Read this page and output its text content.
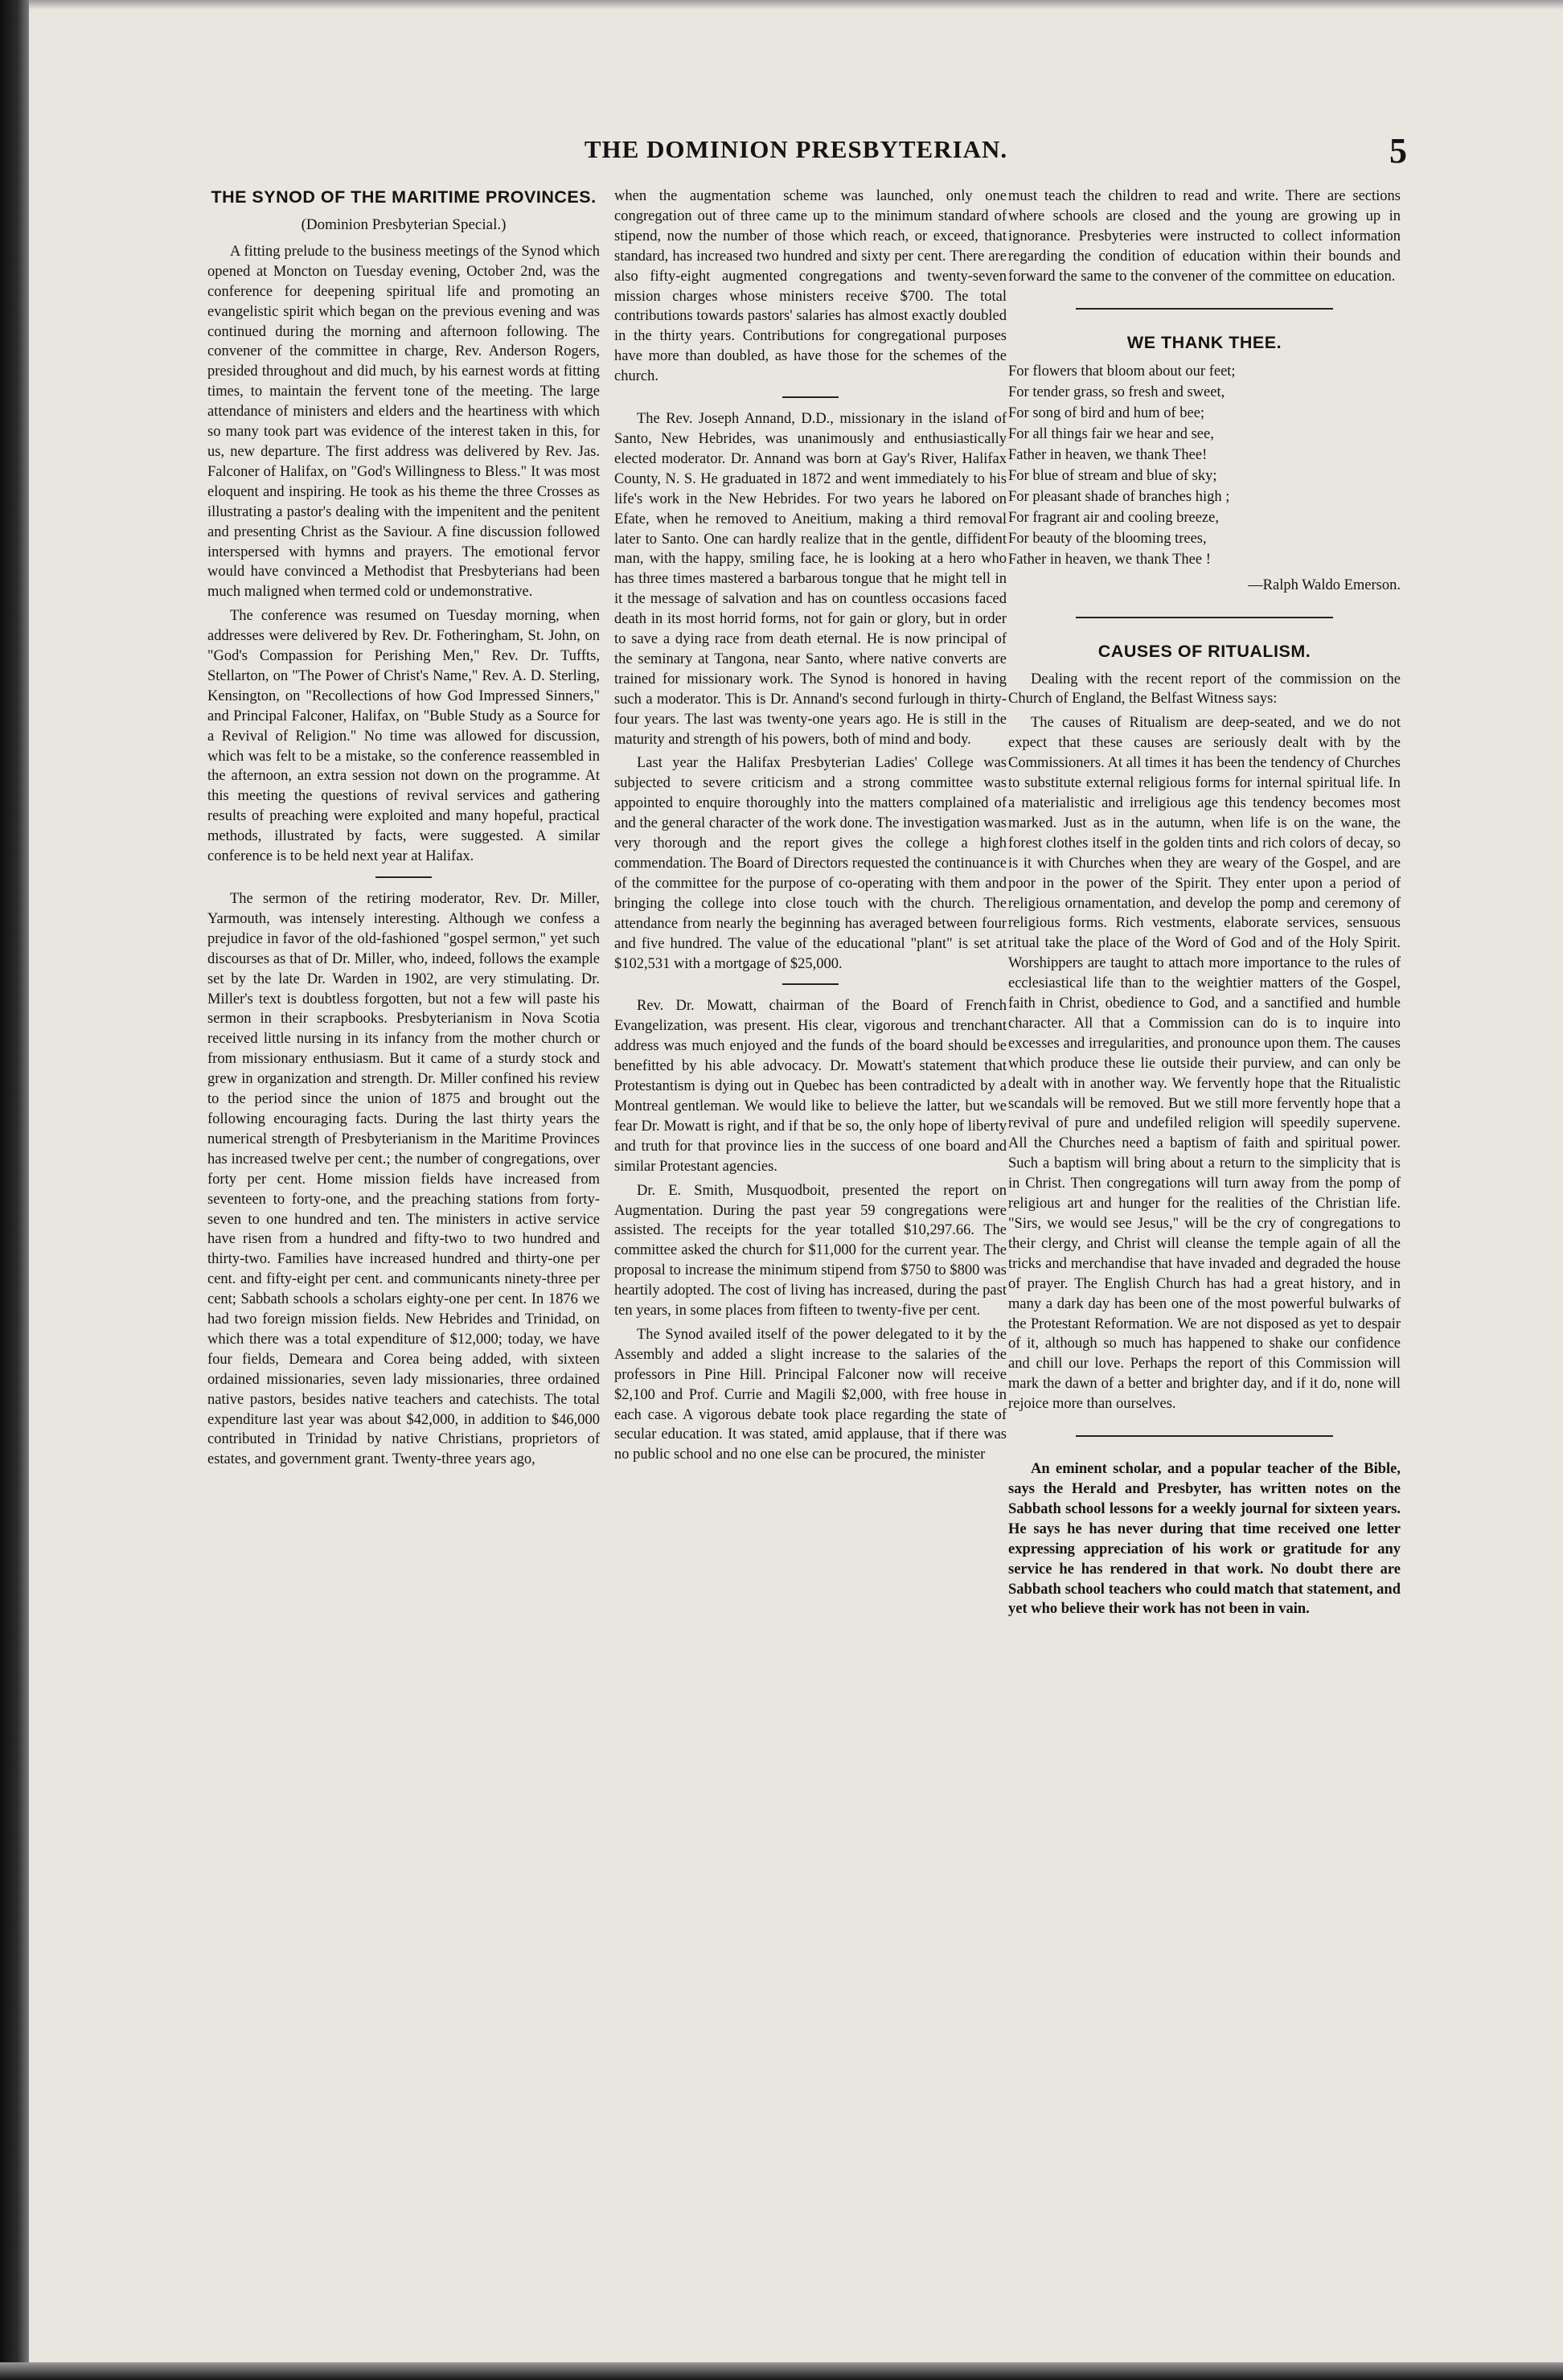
THE DOMINION PRESBYTERIAN.	5
THE SYNOD OF THE MARITIME PROVINCES.
(Dominion Presbyterian Special.)

A fitting prelude to the business meetings of the Synod which opened at Moncton on Tuesday evening, October 2nd, was the conference for deepening spiritual life and promoting an evangelistic spirit which began on the previous evening and was continued during the morning and afternoon following. The convener of the committee in charge, Rev. Anderson Rogers, presided throughout and did much, by his earnest words at fitting times, to maintain the fervent tone of the meeting. The large attendance of ministers and elders and the heartiness with which so many took part was evidence of the interest taken in this, for us, new departure. The first address was delivered by Rev. Jas. Falconer of Halifax, on "God's Willingness to Bless." It was most eloquent and inspiring. He took as his theme the three Crosses as illustrating a pastor's dealing with the impenitent and the penitent and presenting Christ as the Saviour. A fine discussion followed interspersed with hymns and prayers. The emotional fervor would have convinced a Methodist that Presbyterians had been much maligned when termed cold or undemonstrative.

The conference was resumed on Tuesday morning, when addresses were delivered by Rev. Dr. Fotheringham, St. John, on "God's Compassion for Perishing Men," Rev. Dr. Tuffts, Stellarton, on "The Power of Christ's Name," Rev. A. D. Sterling, Kensington, on "Recollections of how God Impressed Sinners," and Principal Falconer, Halifax, on "Buble Study as a Source for a Revival of Religion." No time was allowed for discussion, which was felt to be a mistake, so the conference reassembled in the afternoon, an extra session not down on the programme. At this meeting the questions of revival services and gathering results of preaching were exploited and many hopeful, practical methods, illustrated by facts, were suggested. A similar conference is to be held next year at Halifax.

The sermon of the retiring moderator, Rev. Dr. Miller, Yarmouth, was intensely interesting. Although we confess a prejudice in favor of the old-fashioned "gospel sermon," yet such discourses as that of Dr. Miller, who, indeed, follows the example set by the late Dr. Warden in 1902, are very stimulating. Dr. Miller's text is doubtless forgotten, but not a few will paste his sermon in their scrapbooks. Presbyterianism in Nova Scotia received little nursing in its infancy from the mother church or from missionary enthusiasm. But it came of a sturdy stock and grew in organization and strength. Dr. Miller confined his review to the period since the union of 1875 and brought out the following encouraging facts. During the last thirty years the numerical strength of Presbyterianism in the Maritime Provinces has increased twelve per cent.; the number of congregations, over forty per cent. Home mission fields have increased from seventeen to forty-one, and the preaching stations from forty-seven to one hundred and ten. The ministers in active service have risen from a hundred and fifty-two to two hundred and thirty-two. Families have increased hundred and thirty-one per cent. and fifty-eight per cent. and communicants ninety-three per cent; Sabbath schools a scholars eighty-one per cent. In 1876 we had two foreign mission fields. New Hebrides and Trinidad, on which there was a total expenditure of $12,000; today, we have four fields, Demeara and Corea being added, with sixteen ordained missionaries, seven lady missionaries, three ordained native pastors, besides native teachers and catechists. The total expenditure last year was about $42,000, in addition to $46,000 contributed in Trinidad by native Christians, proprietors of estates, and government grant. Twenty-three years ago,

when the augmentation scheme was launched, only one congregation out of three came up to the minimum standard of stipend, now the number of those which reach, or exceed, that standard, has increased two hundred and sixty per cent. There are also fifty-eight augmented congregations and twenty-seven mission charges whose ministers receive $700. The total contributions towards pastors' salaries has almost exactly doubled in the thirty years. Contributions for congregational purposes have more than doubled, as have those for the schemes of the church.

The Rev. Joseph Annand, D.D., missionary in the island of Santo, New Hebrides, was unanimously and enthusiastically elected moderator. Dr. Annand was born at Gay's River, Halifax County, N. S. He graduated in 1872 and went immediately to his life's work in the New Hebrides. For two years he labored on Efate, when he removed to Aneitium, making a third removal later to Santo. One can hardly realize that in the gentle, diffident man, with the happy, smiling face, he is looking at a hero who has three times mastered a barbarous tongue that he might tell in it the message of salvation and has on countless occasions faced death in its most horrid forms, not for gain or glory, but in order to save a dying race from death eternal. He is now principal of the seminary at Tangona, near Santo, where native converts are trained for missionary work. The Synod is honored in having such a moderator. This is Dr. Annand's second furlough in thirty-four years. The last was twenty-one years ago. He is still in the maturity and strength of his powers, both of mind and body.

Last year the Halifax Presbyterian Ladies' College was subjected to severe criticism and a strong committee was appointed to enquire thoroughly into the matters complained of and the general character of the work done. The investigation was very thorough and the report gives the college a high commendation. The Board of Directors requested the continuance of the committee for the purpose of co-operating with them and bringing the college into close touch with the church. The attendance from nearly the beginning has averaged between four and five hundred. The value of the educational "plant" is set at $102,531 with a mortgage of $25,000.

Rev. Dr. Mowatt, chairman of the Board of French Evangelization, was present. His clear, vigorous and trenchant address was much enjoyed and the funds of the board should be benefitted by his able advocacy. Dr. Mowatt's statement that Protestantism is dying out in Quebec has been contradicted by a Montreal gentleman. We would like to believe the latter, but we fear Dr. Mowatt is right, and if that be so, the only hope of liberty and truth for that province lies in the success of one board and similar Protestant agencies.

Dr. E. Smith, Musquodboit, presented the report on Augmentation. During the past year 59 congregations were assisted. The receipts for the year totalled $10,297.66. The committee asked the church for $11,000 for the current year. The proposal to increase the minimum stipend from $750 to $800 was heartily adopted. The cost of living has increased, during the past ten years, in some places from fifteen to twenty-five per cent.

The Synod availed itself of the power delegated to it by the Assembly and added a slight increase to the salaries of the professors in Pine Hill. Principal Falconer now will receive $2,100 and Prof. Currie and Magili $2,000, with free house in each case. A vigorous debate took place regarding the state of secular education. It was stated, amid applause, that if there was no public school and no one else can be procured, the minister

must teach the children to read and write. There are sections where schools are closed and the young are growing up in ignorance. Presbyteries were instructed to collect information regarding the condition of education within their bounds and forward the same to the convener of the committee on education.

WE THANK THEE.
For flowers that bloom about our feet;
For tender grass, so fresh and sweet,
For song of bird and hum of bee;
For all things fair we hear and see,
Father in heaven, we thank Thee!
For blue of stream and blue of sky;
For pleasant shade of branches high ;
For fragrant air and cooling breeze,
For beauty of the blooming trees,
Father in heaven, we thank Thee !
—Ralph Waldo Emerson.
CAUSES OF RITUALISM.

Dealing with the recent report of the commission on the Church of England, the Belfast Witness says:

The causes of Ritualism are deep-seated, and we do not expect that these causes are seriously dealt with by the Commissioners. At all times it has been the tendency of Churches to substitute external religious forms for internal spiritual life. In a materialistic and irreligious age this tendency becomes most marked. Just as in the autumn, when life is on the wane, the forest clothes itself in the golden tints and rich colors of decay, so is it with Churches when they are weary of the Gospel, and are poor in the power of the Spirit. They enter upon a period of religious ornamentation, and develop the pomp and ceremony of religious forms. Rich vestments, elaborate services, sensuous ritual take the place of the Word of God and of the Holy Spirit. Worshippers are taught to attach more importance to the rules of ecclesiastical life than to the weightier matters of the Gospel, faith in Christ, obedience to God, and a sanctified and humble character. All that a Commission can do is to inquire into excesses and irregularities, and pronounce upon them. The causes which produce these lie outside their purview, and can only be dealt with in another way. We fervently hope that the Ritualistic scandals will be removed. But we still more fervently hope that a revival of pure and undefiled religion will speedily supervene. All the Churches need a baptism of faith and spiritual power. Such a baptism will bring about a return to the simplicity that is in Christ. Then congregations will turn away from the pomp of religious art and hunger for the realities of the Christian life. "Sirs, we would see Jesus," will be the cry of congregations to their clergy, and Christ will cleanse the temple again of all the tricks and merchandise that have invaded and degraded the house of prayer. The English Church has had a great history, and in many a dark day has been one of the most powerful bulwarks of the Protestant Reformation. We are not disposed as yet to despair of it, although so much has happened to shake our confidence and chill our love. Perhaps the report of this Commission will mark the dawn of a better and brighter day, and if it do, none will rejoice more than ourselves.

An eminent scholar, and a popular teacher of the Bible, says the Herald and Presbyter, has written notes on the Sabbath school lessons for a weekly journal for sixteen years. He says he has never during that time received one letter expressing appreciation of his work or gratitude for any service he has rendered in that work. No doubt there are Sabbath school teachers who could match that statement, and yet who believe their work has not been in vain.
